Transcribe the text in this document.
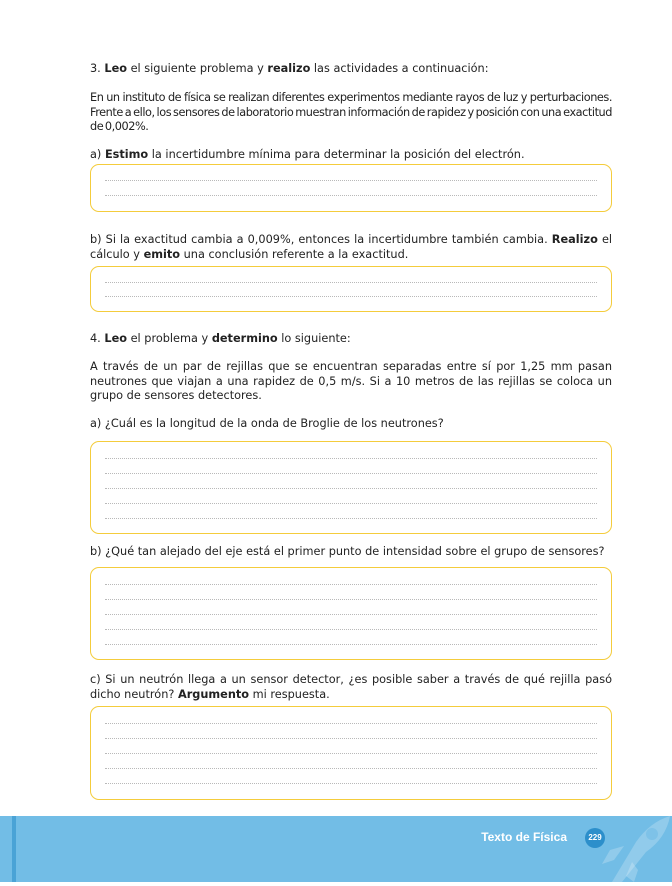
3. Leo el siguiente problema y realizo las actividades a continuación:
En un instituto de física se realizan diferentes experimentos mediante rayos de luz y perturbaciones. Frente a ello, los sensores de laboratorio muestran información de rapidez y posición con una exactitud de 0,002%.
a) Estimo la incertidumbre mínima para determinar la posición del electrón.
b) Si la exactitud cambia a 0,009%, entonces la incertidumbre también cambia. Realizo el cálculo y emito una conclusión referente a la exactitud.
4. Leo el problema y determino lo siguiente:
A través de un par de rejillas que se encuentran separadas entre sí por 1,25 mm pasan neutrones que viajan a una rapidez de 0,5 m/s. Si a 10 metros de las rejillas se coloca un grupo de sensores detectores.
a) ¿Cuál es la longitud de la onda de Broglie de los neutrones?
b) ¿Qué tan alejado del eje está el primer punto de intensidad sobre el grupo de sensores?
c) Si un neutrón llega a un sensor detector, ¿es posible saber a través de qué rejilla pasó dicho neutrón? Argumento mi respuesta.
Texto de Física	229
